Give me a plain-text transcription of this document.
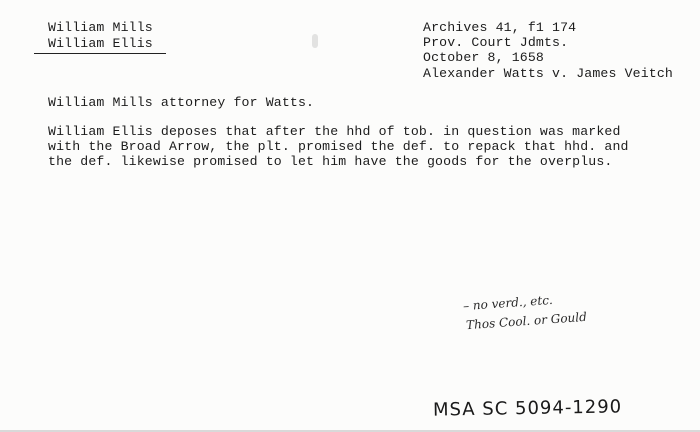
William Mills
William Ellis
Archives 41, f1 174
Prov. Court Jdmts.
October 8, 1658
Alexander Watts v. James Veitch
William Mills attorney for Watts.
William Ellis deposes that after the hhd of tob. in question was marked
with the Broad Arrow, the plt. promised the def. to repack that hhd. and
the def. likewise promised to let him have the goods for the overplus.
– no verd., etc.
Thos Cool. or Gould
MSA SC 5094-1290
